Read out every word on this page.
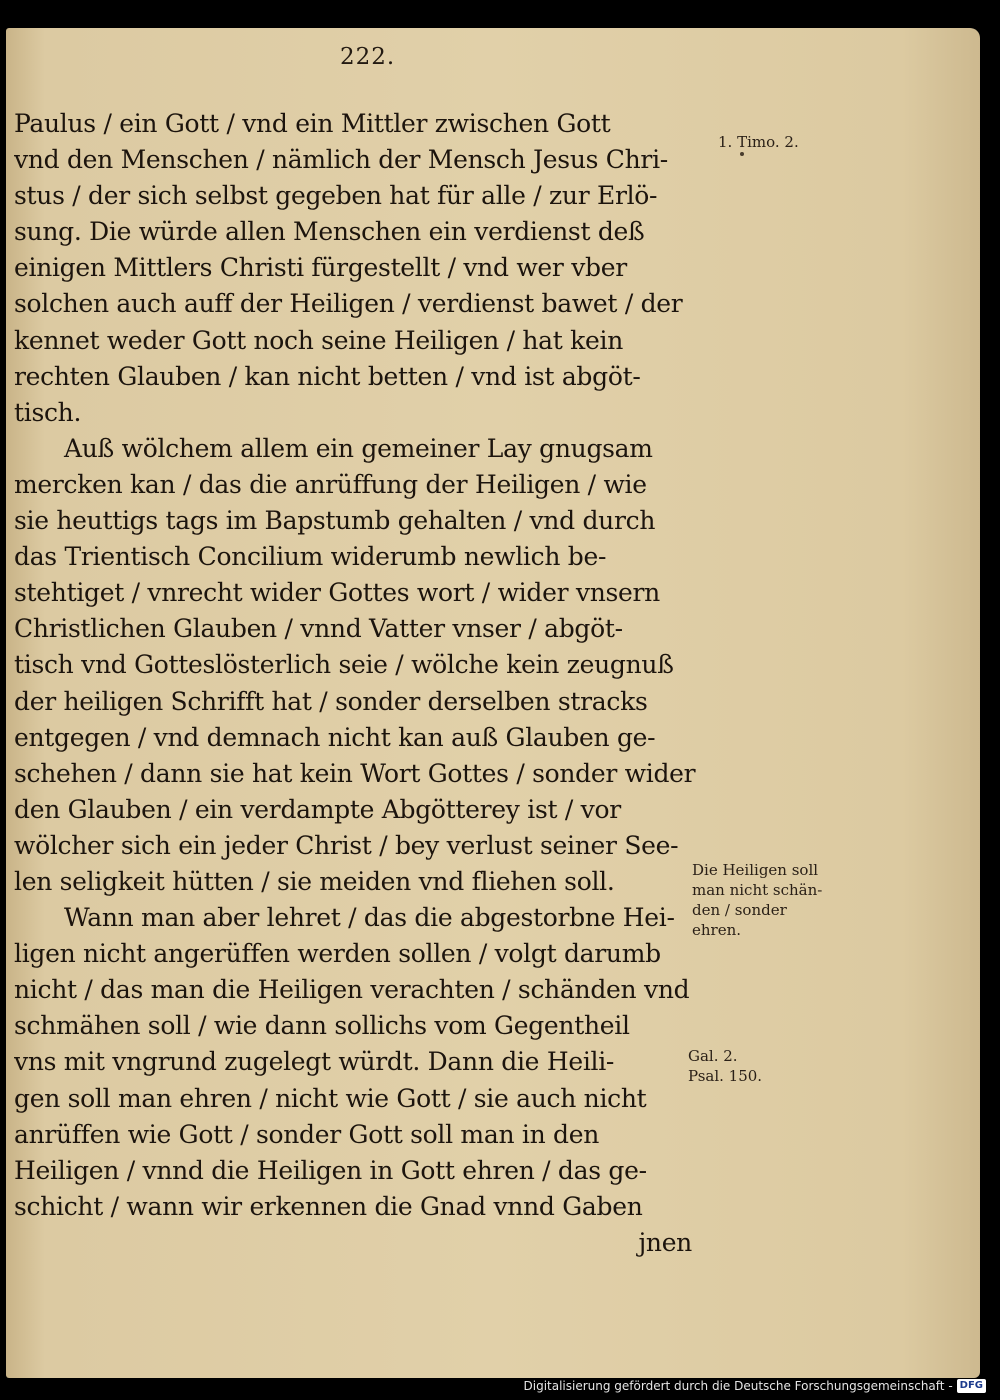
222.

Paulus / ein Gott / vnd ein Mittler zwischen Gott
vnd den Menschen / nämlich der Mensch Jesus Chri-
stus / der sich selbst gegeben hat für alle / zur Erlö-
sung. Die würde allen Menschen ein verdienst deß
einigen Mittlers Christi fürgestellt / vnd wer vber
solchen auch auff der Heiligen / verdienst bawet / der
kennet weder Gott noch seine Heiligen / hat kein
rechten Glauben / kan nicht betten / vnd ist abgöt-
tisch.
Auß wölchem allem ein gemeiner Lay gnugsam
mercken kan / das die anrüffung der Heiligen / wie
sie heuttigs tags im Bapstumb gehalten / vnd durch
das Trientisch Concilium widerumb newlich be-
stehtiget / vnrecht wider Gottes wort / wider vnsern
Christlichen Glauben / vnnd Vatter vnser / abgöt-
tisch vnd Gotteslösterlich seie / wölche kein zeugnuß
der heiligen Schrifft hat / sonder derselben stracks
entgegen / vnd demnach nicht kan auß Glauben ge-
schehen / dann sie hat kein Wort Gottes / sonder wider
den Glauben / ein verdampte Abgötterey ist / vor
wölcher sich ein jeder Christ / bey verlust seiner See-
len seligkeit hütten / sie meiden vnd fliehen soll.
Wann man aber lehret / das die abgestorbne Hei-
ligen nicht angerüffen werden sollen / volgt darumb
nicht / das man die Heiligen verachten / schänden vnd
schmähen soll / wie dann sollichs vom Gegentheil
vns mit vngrund zugelegt würdt. Dann die Heili-
gen soll man ehren / nicht wie Gott / sie auch nicht
anrüffen wie Gott / sonder Gott soll man in den
Heiligen / vnnd die Heiligen in Gott ehren / das ge-
schicht / wann wir erkennen die Gnad vnnd Gaben
jnen

1. Timo. 2.

Die Heiligen soll
man nicht schän-
den / sonder
ehren.

Gal. 2.
Psal. 150.

Digitalisierung gefördert durch die Deutsche Forschungsgemeinschaft - DFG
